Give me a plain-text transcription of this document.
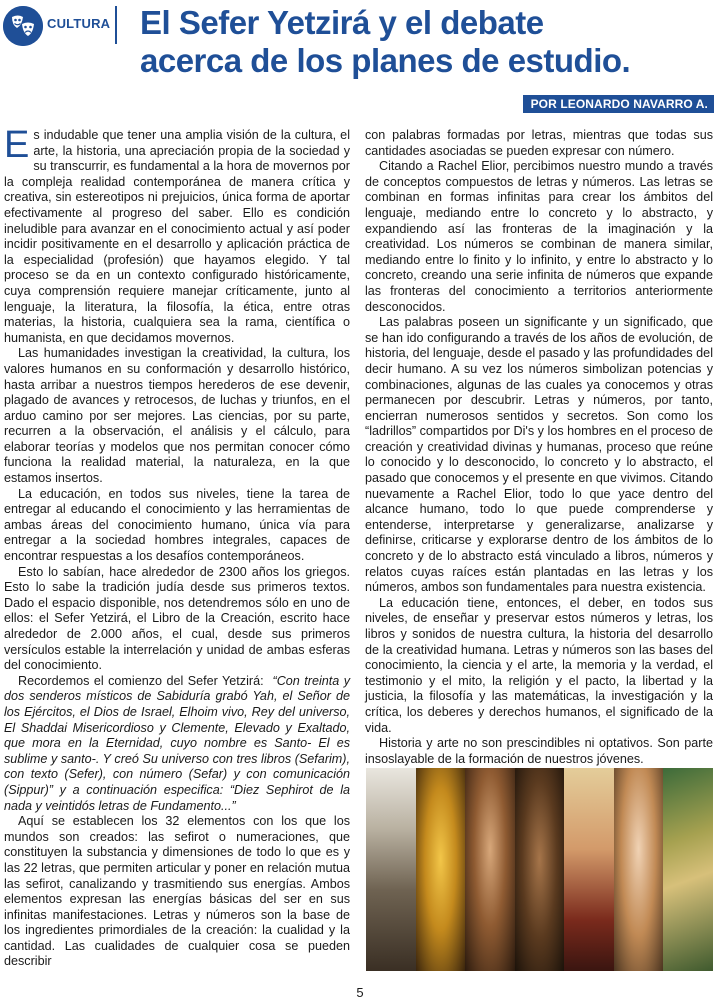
CULTURA El Sefer Yetzirá y el debate
acerca de los planes de estudio.
POR LEONARDO NAVARRO A.

Es indudable que tener una amplia visión de la cultura, el arte, la historia, una apreciación propia de la sociedad y su transcurrir, es fundamental a la hora de movernos por la compleja realidad contemporánea de manera crítica y creativa, sin estereotipos ni prejuicios, única forma de aportar efectivamente al progreso del saber. Ello es condición ineludible para avanzar en el conocimiento actual y así poder incidir positivamente en el desarrollo y aplicación práctica de la especialidad (profesión) que hayamos elegido. Y tal proceso se da en un contexto configurado históricamente, cuya comprensión requiere manejar críticamente, junto al lenguaje, la literatura, la filosofía, la ética, entre otras materias, la historia, cualquiera sea la rama, científica o humanista, en que decidamos movernos.

Las humanidades investigan la creatividad, la cultura, los valores humanos en su conformación y desarrollo histórico, hasta arribar a nuestros tiempos herederos de ese devenir, plagado de avances y retrocesos, de luchas y triunfos, en el arduo camino por ser mejores. Las ciencias, por su parte, recurren a la observación, el análisis y el cálculo, para elaborar teorías y modelos que nos permitan conocer cómo funciona la realidad material, la naturaleza, en la que estamos insertos.

La educación, en todos sus niveles, tiene la tarea de entregar al educando el conocimiento y las herramientas de ambas áreas del conocimiento humano, única vía para entregar a la sociedad hombres integrales, capaces de encontrar respuestas a los desafíos contemporáneos.

Esto lo sabían, hace alrededor de 2300 años los griegos. Esto lo sabe la tradición judía desde sus primeros textos. Dado el espacio disponible, nos detendremos sólo en uno de ellos: el Sefer Yetzirá, el Libro de la Creación, escrito hace alrededor de 2.000 años, el cual, desde sus primeros versículos estable la interrelación y unidad de ambas esferas del conocimiento.

Recordemos el comienzo del Sefer Yetzirá: “Con treinta y dos senderos místicos de Sabiduría grabó Yah, el Señor de los Ejércitos, el Dios de Israel, Elhoim vivo, Rey del universo, El Shaddai Misericordioso y Clemente, Elevado y Exaltado, que mora en la Eternidad, cuyo nombre es Santo- El es sublime y santo-. Y creó Su universo con tres libros (Sefarim), con texto (Sefer), con número (Sefar) y con comunicación (Sippur)” y a continuación especifica: “Diez Sephirot de la nada y veintidós letras de Fundamento...”

Aquí se establecen los 32 elementos con los que los mundos son creados: las sefirot o numeraciones, que constituyen la substancia y dimensiones de todo lo que es y las 22 letras, que permiten articular y poner en relación mutua las sefirot, canalizando y trasmitiendo sus energías. Ambos elementos expresan las energías básicas del ser en sus infinitas manifestaciones. Letras y números son la base de los ingredientes primordiales de la creación: la cualidad y la cantidad. Las cualidades de cualquier cosa se pueden describir

con palabras formadas por letras, mientras que todas sus cantidades asociadas se pueden expresar con número.

Citando a Rachel Elior, percibimos nuestro mundo a través de conceptos compuestos de letras y números. Las letras se combinan en formas infinitas para crear los ámbitos del lenguaje, mediando entre lo concreto y lo abstracto, y expandiendo así las fronteras de la imaginación y la creatividad. Los números se combinan de manera similar, mediando entre lo finito y lo infinito, y entre lo abstracto y lo concreto, creando una serie infinita de números que expande las fronteras del conocimiento a territorios anteriormente desconocidos.

Las palabras poseen un significante y un significado, que se han ido configurando a través de los años de evolución, de historia, del lenguaje, desde el pasado y las profundidades del decir humano. A su vez los números simbolizan potencias y combinaciones, algunas de las cuales ya conocemos y otras permanecen por descubrir. Letras y números, por tanto, encierran numerosos sentidos y secretos. Son como los “ladrillos” compartidos por Di's y los hombres en el proceso de creación y creatividad divinas y humanas, proceso que reúne lo conocido y lo desconocido, lo concreto y lo abstracto, el pasado que conocemos y el presente en que vivimos. Citando nuevamente a Rachel Elior, todo lo que yace dentro del alcance humano, todo lo que puede comprenderse y entenderse, interpretarse y generalizarse, analizarse y definirse, criticarse y explorarse dentro de los ámbitos de lo concreto y de lo abstracto está vinculado a libros, números y relatos cuyas raíces están plantadas en las letras y los números, ambos son fundamentales para nuestra existencia.

La educación tiene, entonces, el deber, en todos sus niveles, de enseñar y preservar estos números y letras, los libros y sonidos de nuestra cultura, la historia del desarrollo de la creatividad humana. Letras y números son las bases del conocimiento, la ciencia y el arte, la memoria y la verdad, el testimonio y el mito, la religión y el pacto, la libertad y la justicia, la filosofía y las matemáticas, la investigación y la crítica, los deberes y derechos humanos, el significado de la vida.

Historia y arte no son prescindibles ni optativos. Son parte insoslayable de la formación de nuestros jóvenes.

5
